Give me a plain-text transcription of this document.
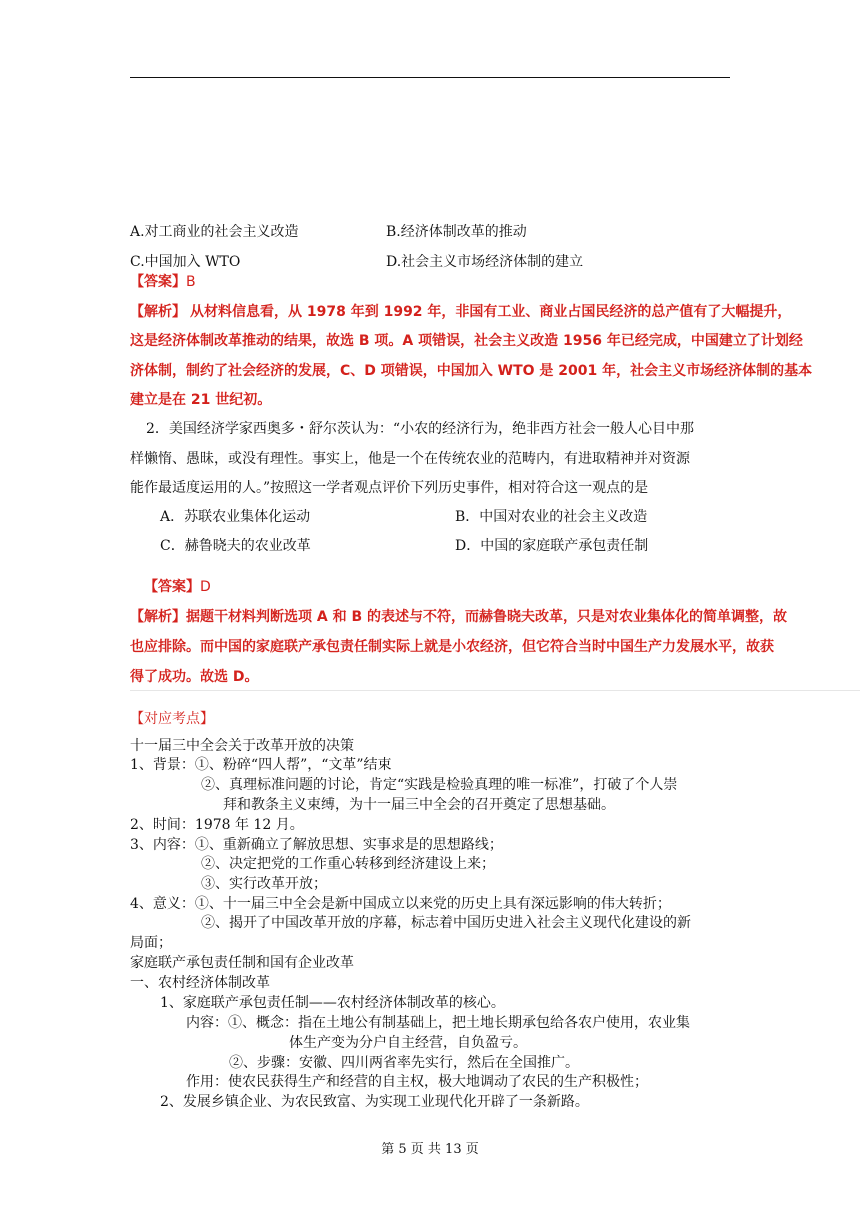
A.对工商业的社会主义改造	B.经济体制改革的推动
C.中国加入 WTO	D.社会主义市场经济体制的建立
【答案】B
【解析】 从材料信息看，从 1978 年到 1992 年，非国有工业、商业占国民经济的总产值有了大幅提升，
这是经济体制改革推动的结果，故选 B 项。A 项错误，社会主义改造 1956 年已经完成，中国建立了计划经
济体制，制约了社会经济的发展，C、D 项错误，中国加入 WTO 是 2001 年，社会主义市场经济体制的基本
建立是在 21 世纪初。
2．美国经济学家西奥多・舒尔茨认为：“小农的经济行为，绝非西方社会一般人心目中那
样懒惰、愚昧，或没有理性。事实上，他是一个在传统农业的范畴内，有进取精神并对资源
能作最适度运用的人。”按照这一学者观点评价下列历史事件，相对符合这一观点的是
A．苏联农业集体化运动	B．中国对农业的社会主义改造
C．赫鲁晓夫的农业改革	D．中国的家庭联产承包责任制
【答案】D
【解析】据题干材料判断选项 A 和 B 的表述与不符，而赫鲁晓夫改革，只是对农业集体化的简单调整，故
也应排除。而中国的家庭联产承包责任制实际上就是小农经济，但它符合当时中国生产力发展水平，故获
得了成功。故选 D。
【对应考点】
十一届三中全会关于改革开放的决策
1、背景：①、粉碎“四人帮”，“文革”结束
②、真理标准问题的讨论，肯定“实践是检验真理的唯一标准”，打破了个人崇
拜和教条主义束缚，为十一届三中全会的召开奠定了思想基础。
2、时间：1978 年 12 月。
3、内容：①、重新确立了解放思想、实事求是的思想路线；
②、决定把党的工作重心转移到经济建设上来；
③、实行改革开放；
4、意义：①、十一届三中全会是新中国成立以来党的历史上具有深远影响的伟大转折；
②、揭开了中国改革开放的序幕，标志着中国历史进入社会主义现代化建设的新
局面；
家庭联产承包责任制和国有企业改革
一、农村经济体制改革
1、家庭联产承包责任制——农村经济体制改革的核心。
内容：①、概念：指在土地公有制基础上，把土地长期承包给各农户使用，农业集
体生产变为分户自主经营，自负盈亏。
②、步骤：安徽、四川两省率先实行，然后在全国推广。
作用：使农民获得生产和经营的自主权，极大地调动了农民的生产积极性；
2、发展乡镇企业、为农民致富、为实现工业现代化开辟了一条新路。
第 5 页 共 13 页
